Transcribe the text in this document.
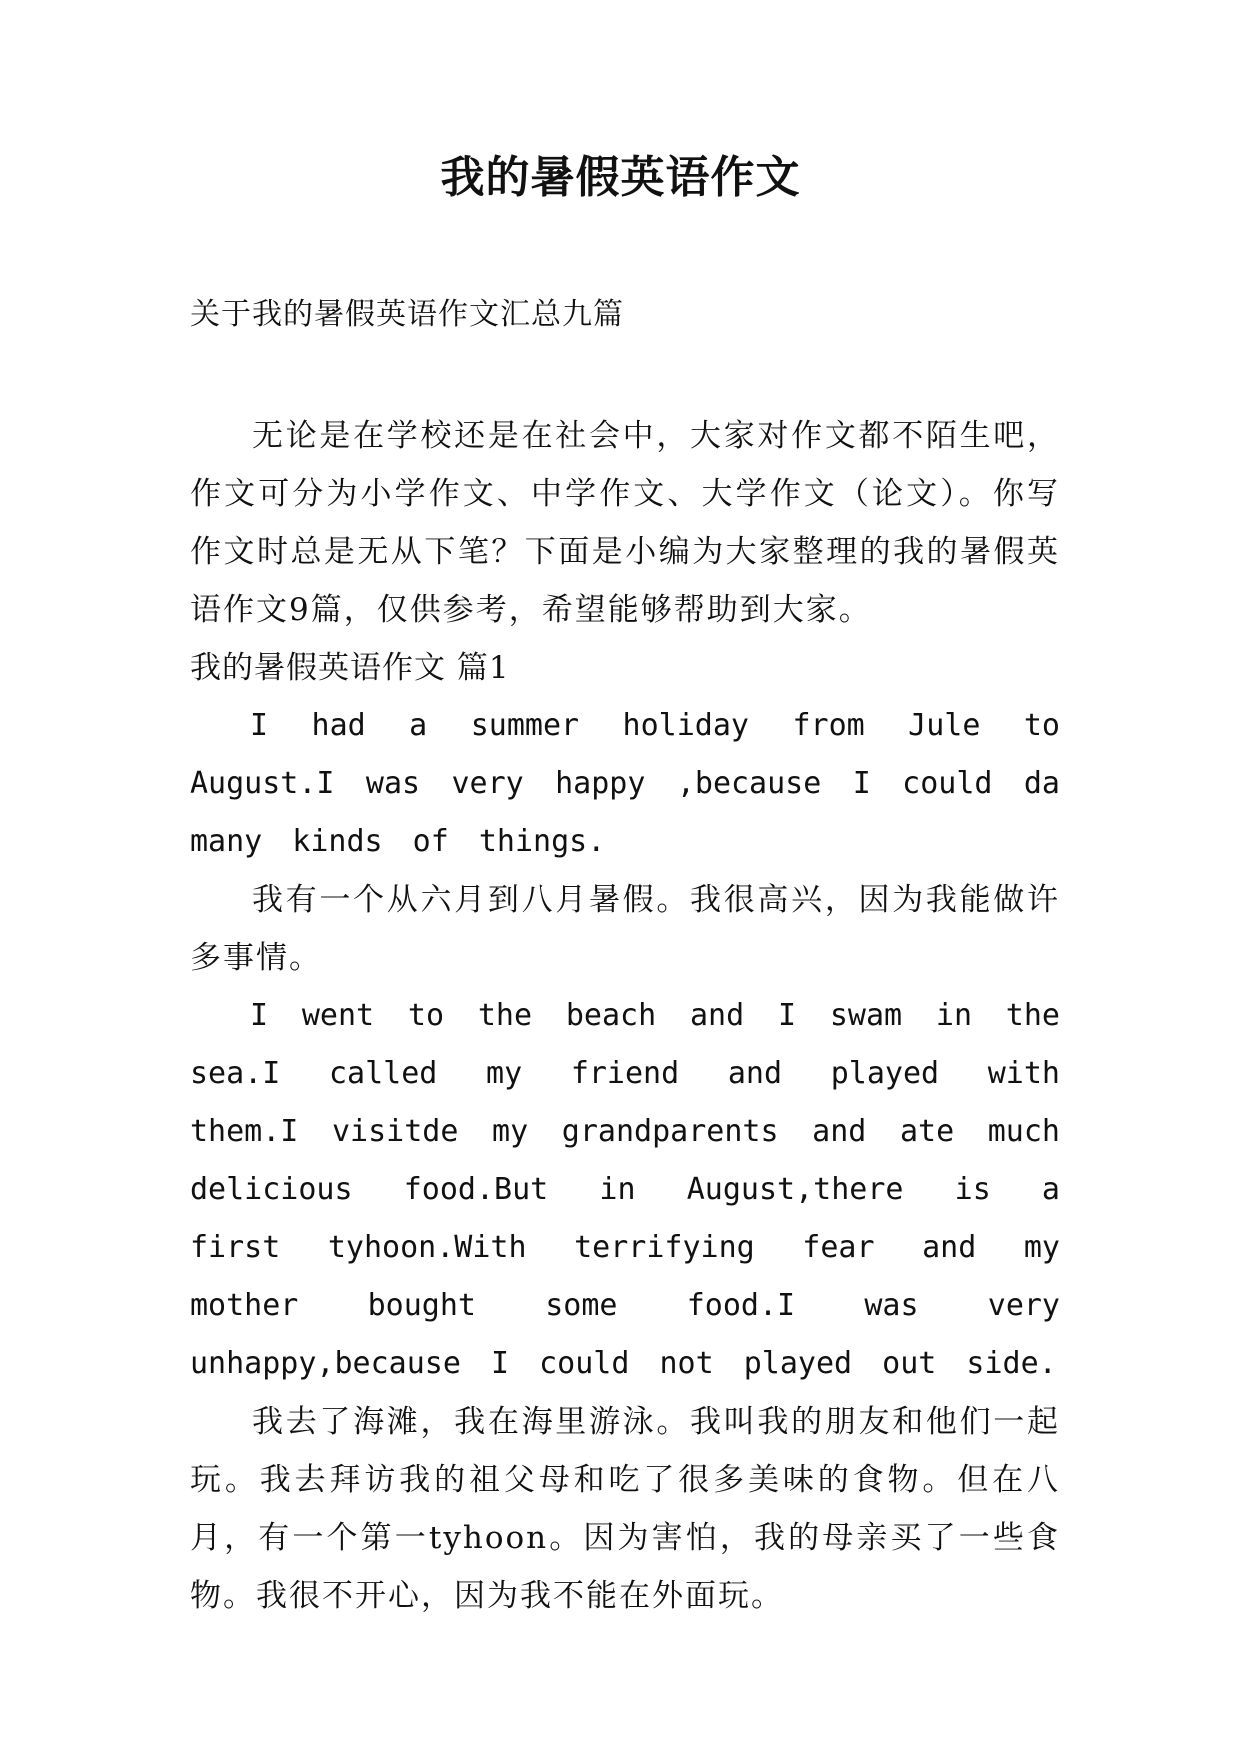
我的暑假英语作文
关于我的暑假英语作文汇总九篇

无论是在学校还是在社会中，大家对作文都不陌生吧，作文可分为小学作文、中学作文、大学作文（论文）。你写作文时总是无从下笔？下面是小编为大家整理的我的暑假英语作文9篇，仅供参考，希望能够帮助到大家。

我的暑假英语作文 篇1

I had a summer holiday from Jule to August.I was very happy ,because I could da many kinds of things.

我有一个从六月到八月暑假。我很高兴，因为我能做许多事情。

I went to the beach and I swam in the sea.I called my friend and played with them.I visitde my grandparents and ate much delicious food.But in August,there is a first tyhoon.With terrifying fear and my mother bought some food.I was very unhappy,because I could not played out side.

我去了海滩，我在海里游泳。我叫我的朋友和他们一起玩。我去拜访我的祖父母和吃了很多美味的食物。但在八月，有一个第一tyhoon。因为害怕，我的母亲买了一些食物。我很不开心，因为我不能在外面玩。
